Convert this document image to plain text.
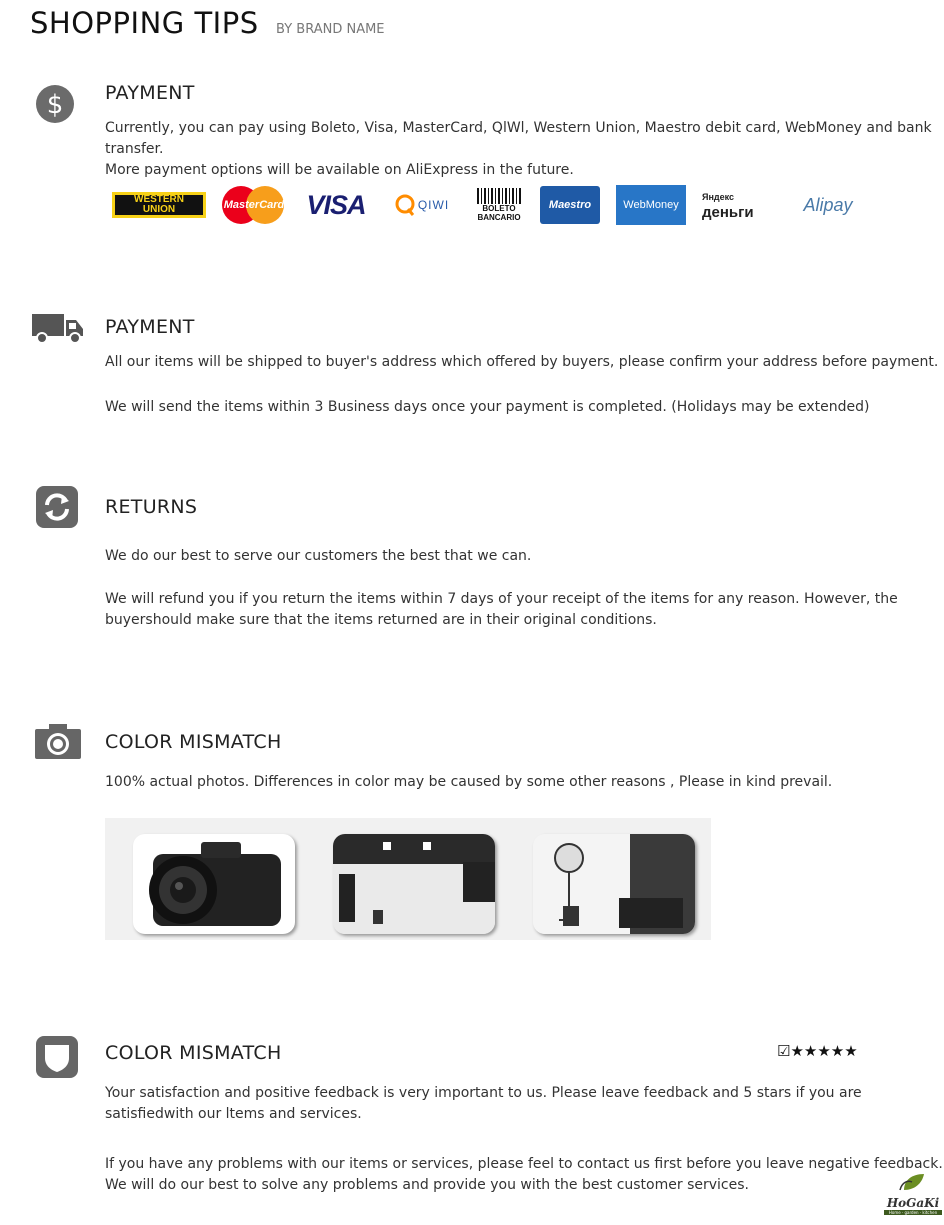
SHOPPING TIPS BY BRAND NAME
$ PAYMENT
Currently, you can pay using Boleto, Visa, MasterCard, QlWl, Western Union, Maestro debit card, WebMoney and bank transfer.
More payment options will be available on AliExpress in the future.
WESTERN
UNION	MasterCard VISA	QIWI	BOLETO
BANCARIO
Maestro	WebMoney
Яндекс
деньги	Alipay
PAYMENT
All our items will be shipped to buyer's address which offered by buyers, please confirm your address before payment.
We will send the items within 3 Business days once your payment is completed. (Holidays may be extended)
RETURNS
We do our best to serve our customers the best that we can.
We will refund you if you return the items within 7 days of your receipt of the items for any reason. However, the buyershould make sure that the items returned are in their original conditions.
COLOR MISMATCH
100% actual photos. Differences in color may be caused by some other reasons , Please in kind prevail.
COLOR MISMATCH	☑★★★★★
Your satisfaction and positive feedback is very important to us. Please leave feedback and 5 stars if you are satisfiedwith our ltems and services.
If you have any problems with our items or services, please feel to contact us first before you leave negative feedback.
We will do our best to solve any problems and provide you with the best customer services.
HoGaKi
Home · garden · kitchen
